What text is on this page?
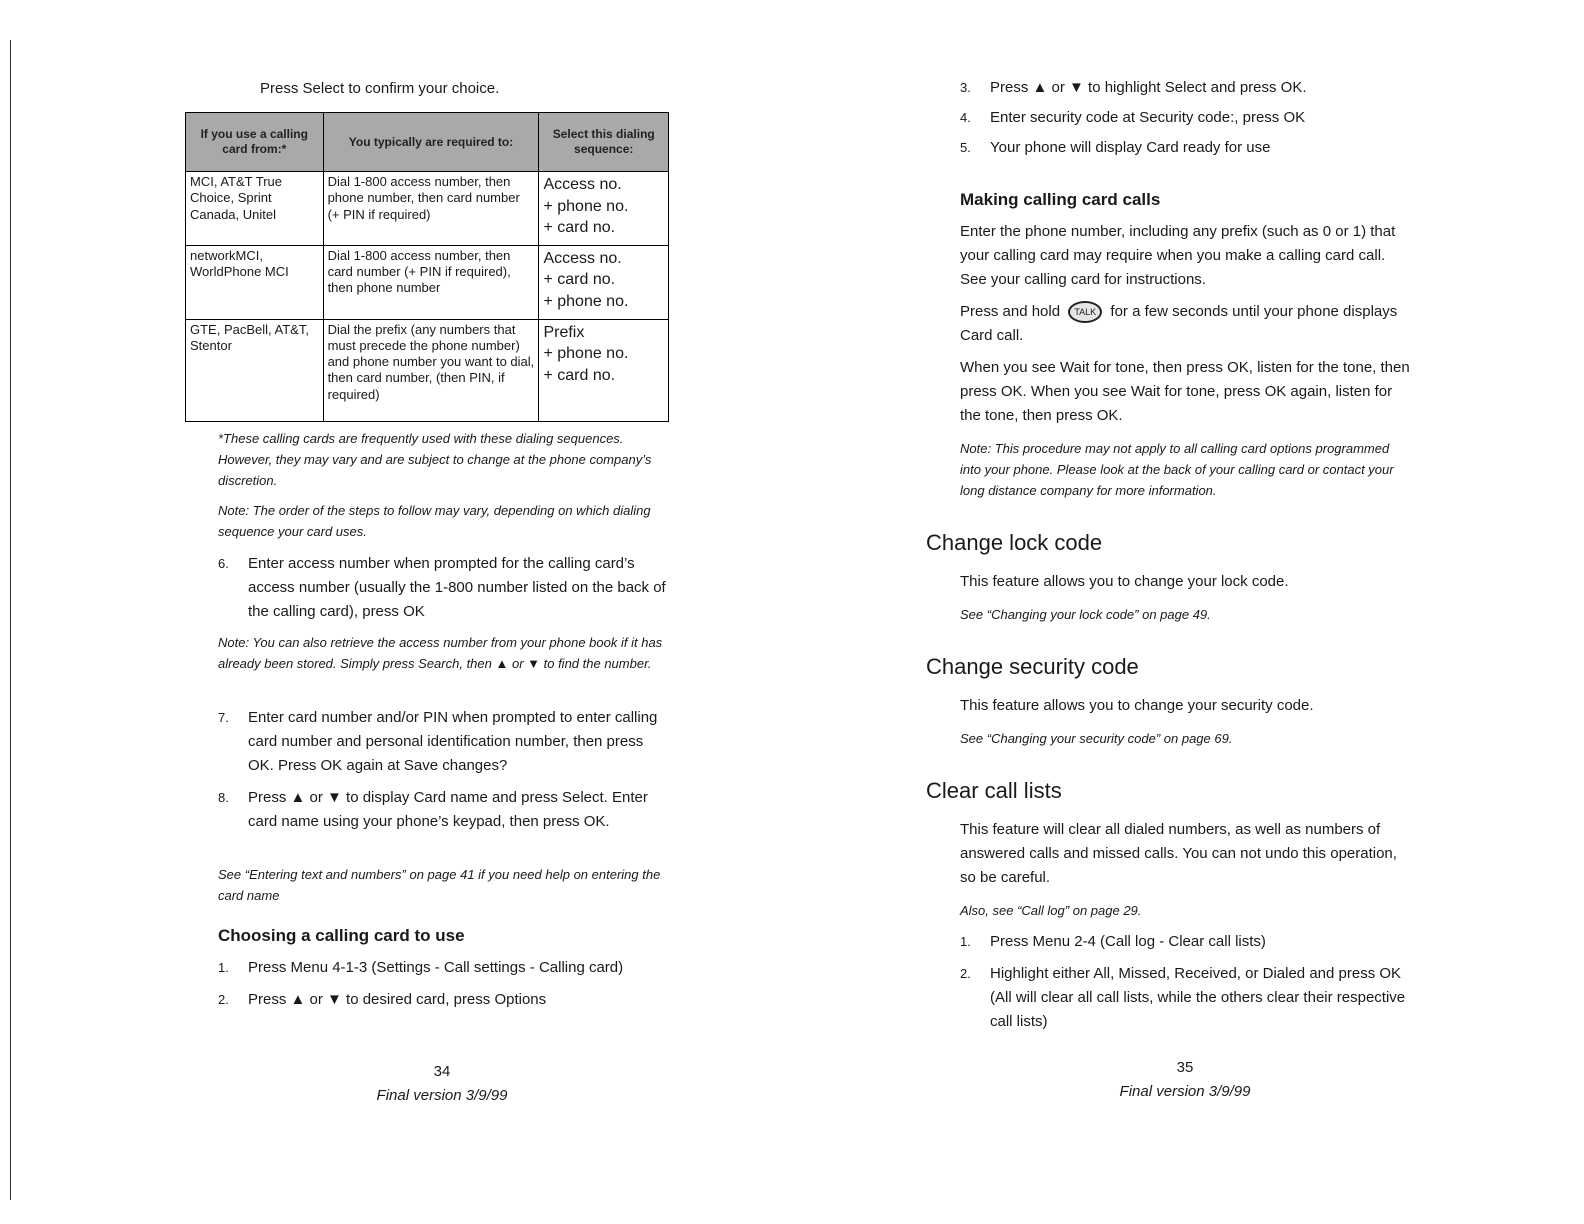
Press Select to confirm your choice.
If you use a calling card from:*	You typically are required to:	Select this dialing sequence:
MCI, AT&T True Choice, Sprint Canada, Unitel	Dial 1-800 access number, then phone number, then card number (+ PIN if required)	Access no.
+ phone no.
+ card no.
networkMCI, WorldPhone MCI	Dial 1-800 access number, then card number (+ PIN if required), then phone number	Access no.
+ card no.
+ phone no.
GTE, PacBell, AT&T, Stentor	Dial the prefix (any numbers that must precede the phone number) and phone number you want to dial, then card number, (then PIN, if required)	Prefix
+ phone no.
+ card no.
*These calling cards are frequently used with these dialing sequences. However, they may vary and are subject to change at the phone company’s discretion.
Note: The order of the steps to follow may vary, depending on which dialing sequence your card uses.
6. Enter access number when prompted for the calling card’s access number (usually the 1-800 number listed on the back of the calling card), press OK
Note: You can also retrieve the access number from your phone book if it has already been stored. Simply press Search, then ▲ or ▼ to find the number.
7. Enter card number and/or PIN when prompted to enter calling card number and personal identification number, then press OK. Press OK again at Save changes?
8. Press ▲ or ▼ to display Card name and press Select. Enter card name using your phone’s keypad, then press OK.
See “Entering text and numbers” on page 41 if you need help on entering the card name
Choosing a calling card to use
1. Press Menu 4-1-3 (Settings - Call settings - Calling card)
2. Press ▲ or ▼ to desired card, press Options
34
Final version 3/9/99
3. Press ▲ or ▼ to highlight Select and press OK.
4. Enter security code at Security code:, press OK
5. Your phone will display Card ready for use
Making calling card calls
Enter the phone number, including any prefix (such as 0 or 1) that your calling card may require when you make a calling card call. See your calling card for instructions.
Press and hold TALK for a few seconds until your phone displays Card call.
When you see Wait for tone, then press OK, listen for the tone, then press OK. When you see Wait for tone, press OK again, listen for the tone, then press OK.
Note: This procedure may not apply to all calling card options programmed into your phone. Please look at the back of your calling card or contact your long distance company for more information.
Change lock code
This feature allows you to change your lock code.
See “Changing your lock code” on page 49.
Change security code
This feature allows you to change your security code.
See “Changing your security code” on page 69.
Clear call lists
This feature will clear all dialed numbers, as well as numbers of answered calls and missed calls. You can not undo this operation, so be careful.
Also, see “Call log” on page 29.
1. Press Menu 2-4 (Call log - Clear call lists)
2. Highlight either All, Missed, Received, or Dialed and press OK (All will clear all call lists, while the others clear their respective call lists)
35
Final version 3/9/99
